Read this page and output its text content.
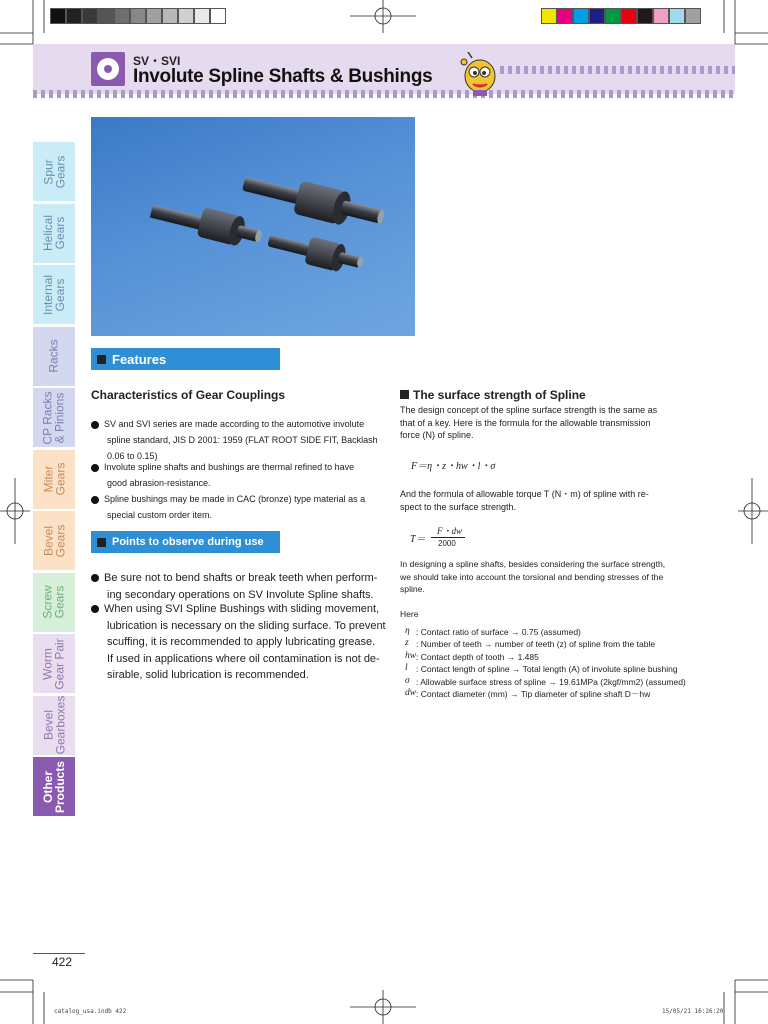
SV・SVI
Involute Spline Shafts & Bushings
Spur
Gears
Helical
Gears
Internal
Gears
Racks
CP Racks
& Pinions
Miter
Gears
Bevel
Gears
Screw
Gears
Worm
Gear Pair
Bevel
Gearboxes
Other
Products
Features
Characteristics of Gear Couplings
SV and SVI series are made according to the automotive involute
spline standard, JIS D 2001: 1959 (FLAT ROOT SIDE FIT, Backlash
0.06 to 0.15)
Involute spline shafts and bushings are thermal refined to have
good abrasion-resistance.
Spline bushings may be made in CAC (bronze) type material as a
special custom order item.
Points to observe during use
Be sure not to bend shafts or break teeth when perform-
ing secondary operations on SV Involute Spline shafts.
When using SVI Spline Bushings with sliding movement,
lubrication is necessary on the sliding surface. To prevent
scuffing, it is recommended to apply lubricating grease.
If used in applications where oil contamination is not de-
sirable, solid lubrication is recommended.
The surface strength of Spline
The design concept of the spline surface strength is the same as
that of a key. Here is the formula for the allowable transmission
force (N) of spline.
F＝η・z・hw・l・σ
And the formula of allowable torque T (N・m) of spline with re-
spect to the surface strength.
T＝
F・dw
2000
In designing a spline shafts, besides considering the surface strength,
we should take into account the torsional and bending stresses of the
spline.
Here
η : Contact ratio of surface → 0.75 (assumed)
z : Number of teeth → number of teeth (z) of spline from the table
hw : Contact depth of tooth → 1.485
l : Contact length of spline → Total length (A) of involute spline bushing
σ : Allowable surface stress of spline → 19.61MPa (2kgf/mm2) (assumed)
dw : Contact diameter (mm) → Tip diameter of spline shaft D－hw
422
catalog_usa.indb 422	15/05/21 16:26:20
